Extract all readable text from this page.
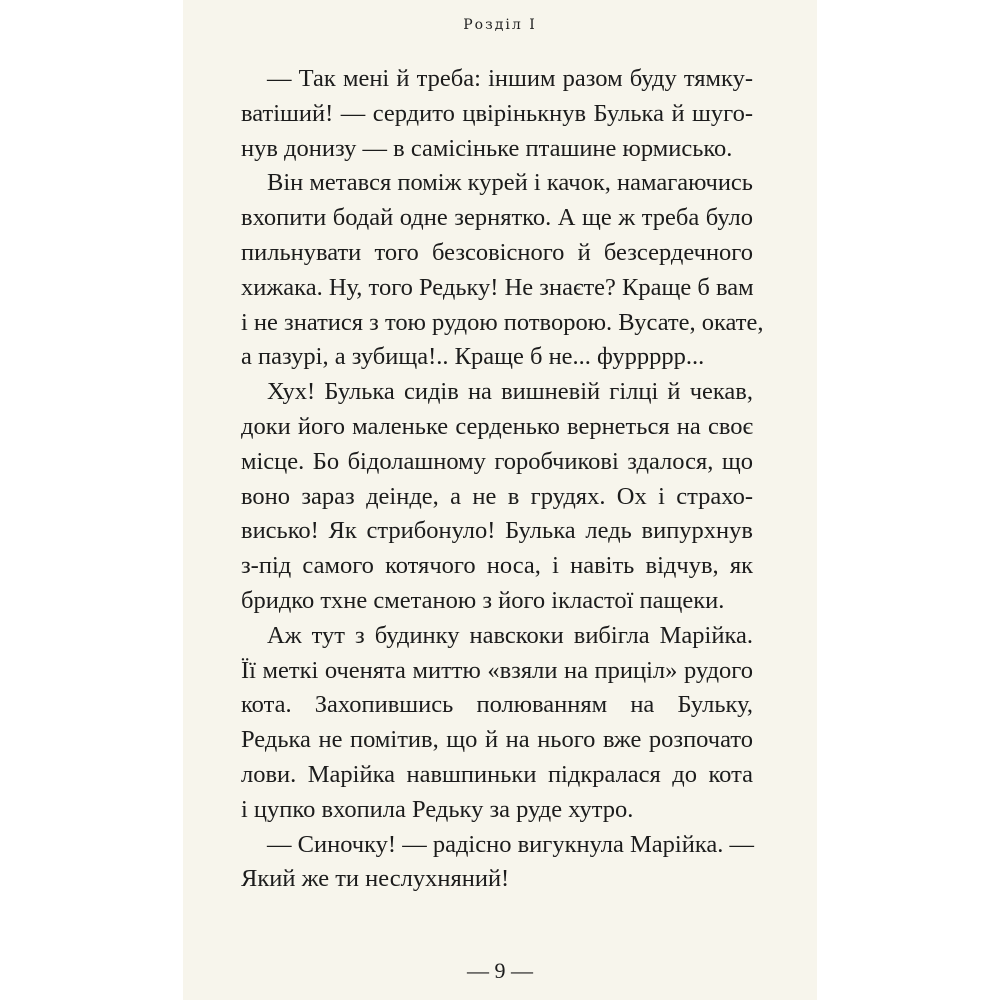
Розділ I
— Так мені й треба: іншим разом буду тямку-
ватіший! — сердито цвірінькнув Булька й шуго-
нув донизу — в самісіньке пташине юрмисько.
Він метався поміж курей і качок, намагаючись
вхопити бодай одне зернятко. А ще ж треба було
пильнувати того безсовісного й безсердечного
хижака. Ну, того Редьку! Не знаєте? Краще б вам
і не знатися з тою рудою потворою. Вусате, окате,
а пазурі, а зубища!.. Краще б не... фуррррр...
Хух! Булька сидів на вишневій гілці й чекав,
доки його маленьке серденько вернеться на своє
місце. Бо бідолашному горобчикові здалося, що
воно зараз деінде, а не в грудях. Ох і страхо-
висько! Як стрибонуло! Булька ледь випурхнув
з-під самого котячого носа, і навіть відчув, як
бридко тхне сметаною з його ікластої пащеки.
Аж тут з будинку навскоки вибігла Марійка.
Її меткі оченята миттю «взяли на приціл» рудого
кота. Захопившись полюванням на Бульку,
Редька не помітив, що й на нього вже розпочато
лови. Марійка навшпиньки підкралася до кота
і цупко вхопила Редьку за руде хутро.
— Синочку! — радісно вигукнула Марійка. —
Який же ти неслухняний!
— 9 —
